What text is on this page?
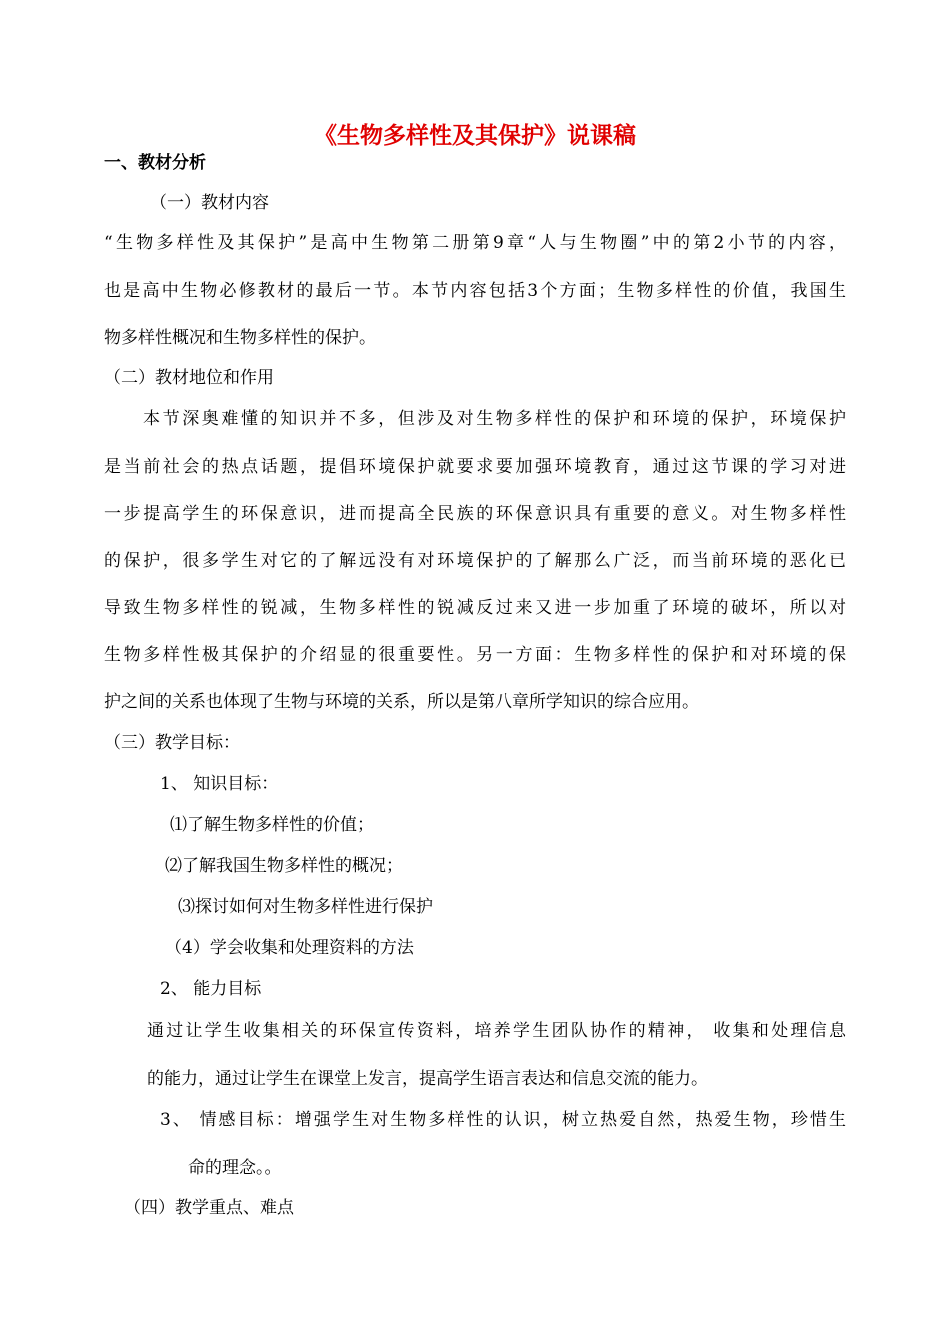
《生物多样性及其保护》说课稿
一、教材分析
（一）教材内容
“生物多样性及其保护”是高中生物第二册第9章“人与生物圈”中的第2小节的内容，
也是高中生物必修教材的最后一节。本节内容包括3个方面；生物多样性的价值，我国生
物多样性概况和生物多样性的保护。
（二）教材地位和作用
本节深奥难懂的知识并不多，但涉及对生物多样性的保护和环境的保护，环境保护
是当前社会的热点话题，提倡环境保护就要求要加强环境教育，通过这节课的学习对进
一步提高学生的环保意识，进而提高全民族的环保意识具有重要的意义。对生物多样性
的保护，很多学生对它的了解远没有对环境保护的了解那么广泛，而当前环境的恶化已
导致生物多样性的锐减，生物多样性的锐减反过来又进一步加重了环境的破坏，所以对
生物多样性极其保护的介绍显的很重要性。另一方面：生物多样性的保护和对环境的保
护之间的关系也体现了生物与环境的关系，所以是第八章所学知识的综合应用。
（三）教学目标：
1、 知识目标：
⑴了解生物多样性的价值；
⑵了解我国生物多样性的概况；
⑶探讨如何对生物多样性进行保护
（4）学会收集和处理资料的方法
2、 能力目标
通过让学生收集相关的环保宣传资料，培养学生团队协作的精神， 收集和处理信息
的能力，通过让学生在课堂上发言，提高学生语言表达和信息交流的能力。
3、 情感目标：增强学生对生物多样性的认识，树立热爱自然，热爱生物，珍惜生
命的理念。。
（四）教学重点、难点
